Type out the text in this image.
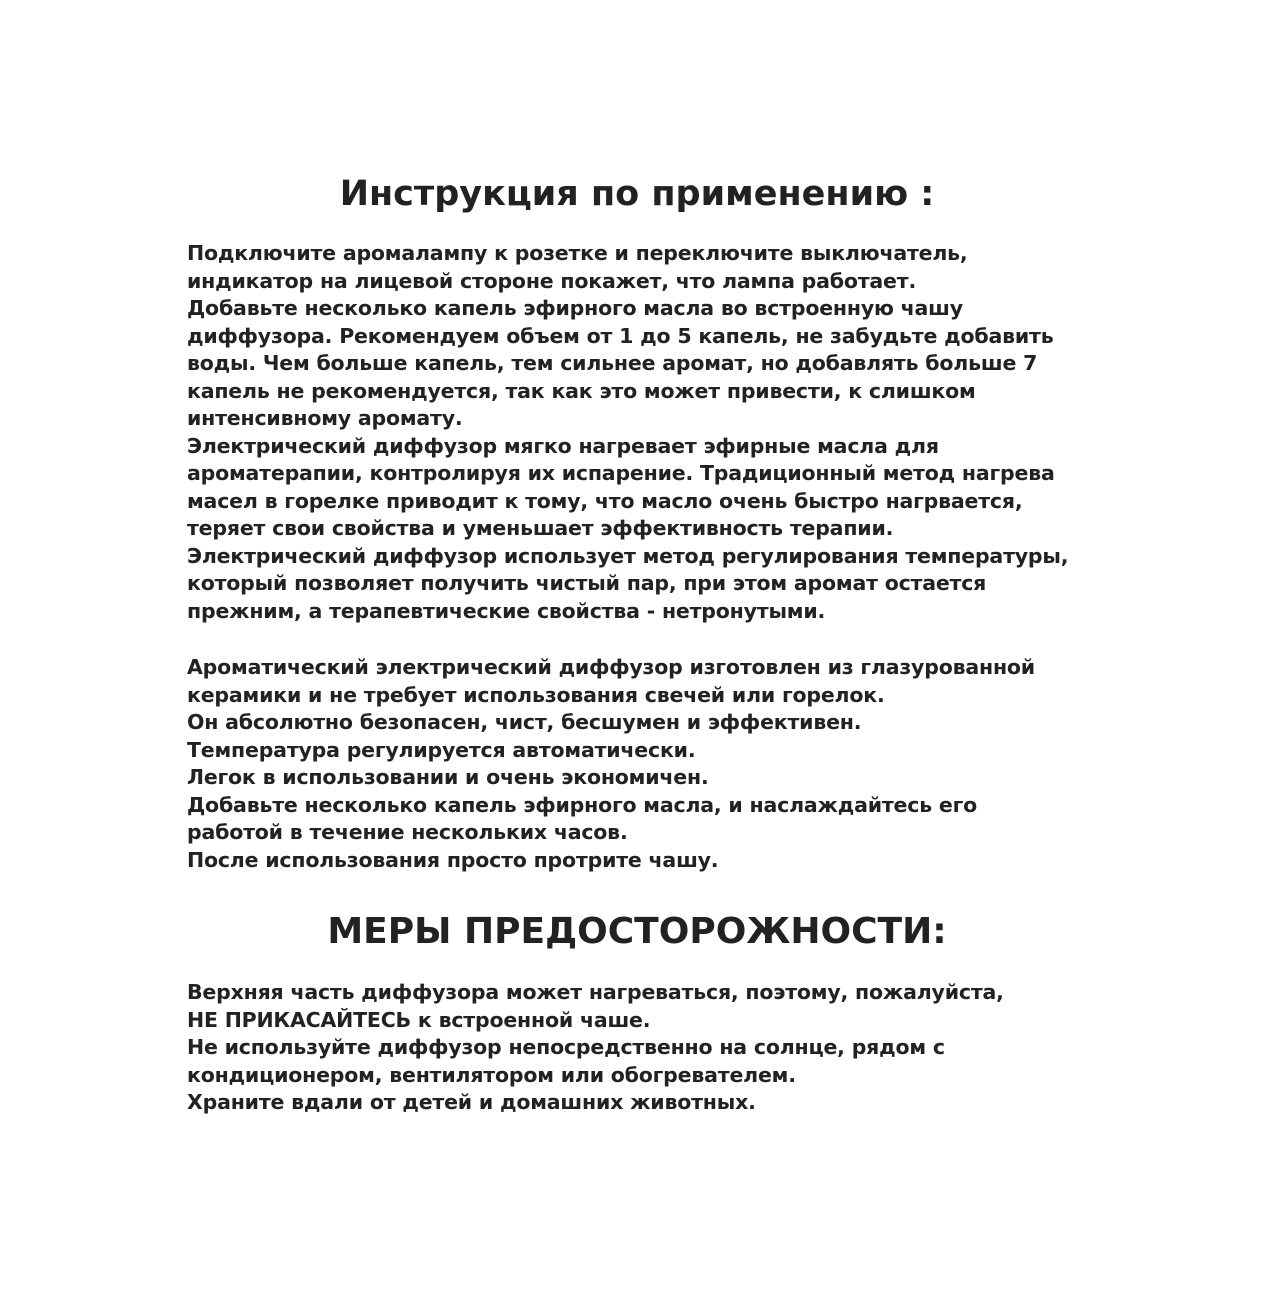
Инструкция по применению :
Подключите аромалампу к розетке и переключите выключатель,
индикатор на лицевой стороне покажет, что лампа работает.
Добавьте несколько капель эфирного масла во встроенную чашу
диффузора. Рекомендуем объем от 1 до 5 капель, не забудьте добавить
воды. Чем больше капель, тем сильнее аромат, но добавлять больше 7
капель не рекомендуется, так как это может привести, к слишком
интенсивному аромату.
Электрический диффузор мягко нагревает эфирные масла для
ароматерапии, контролируя их испарение. Традиционный метод нагрева
масел в горелке приводит к тому, что масло очень быстро нагрвается,
теряет свои свойства и уменьшает эффективность терапии.
Электрический диффузор использует метод регулирования температуры,
который позволяет получить чистый пар, при этом аромат остается
прежним, а терапевтические свойства - нетронутыми.
Ароматический электрический диффузор изготовлен из глазурованной
керамики и не требует использования свечей или горелок.
Он абсолютно безопасен, чист, бесшумен и эффективен.
Температура регулируется автоматически.
Легок в использовании и очень экономичен.
Добавьте несколько капель эфирного масла, и наслаждайтесь его
работой в течение нескольких часов.
После использования просто протрите чашу.
МЕРЫ ПРЕДОСТОРОЖНОСТИ:
Верхняя часть диффузора может нагреваться, поэтому, пожалуйста,
НЕ ПРИКАСАЙТЕСЬ к встроенной чаше.
Не используйте диффузор непосредственно на солнце, рядом с
кондиционером, вентилятором или обогревателем.
Храните вдали от детей и домашних животных.
